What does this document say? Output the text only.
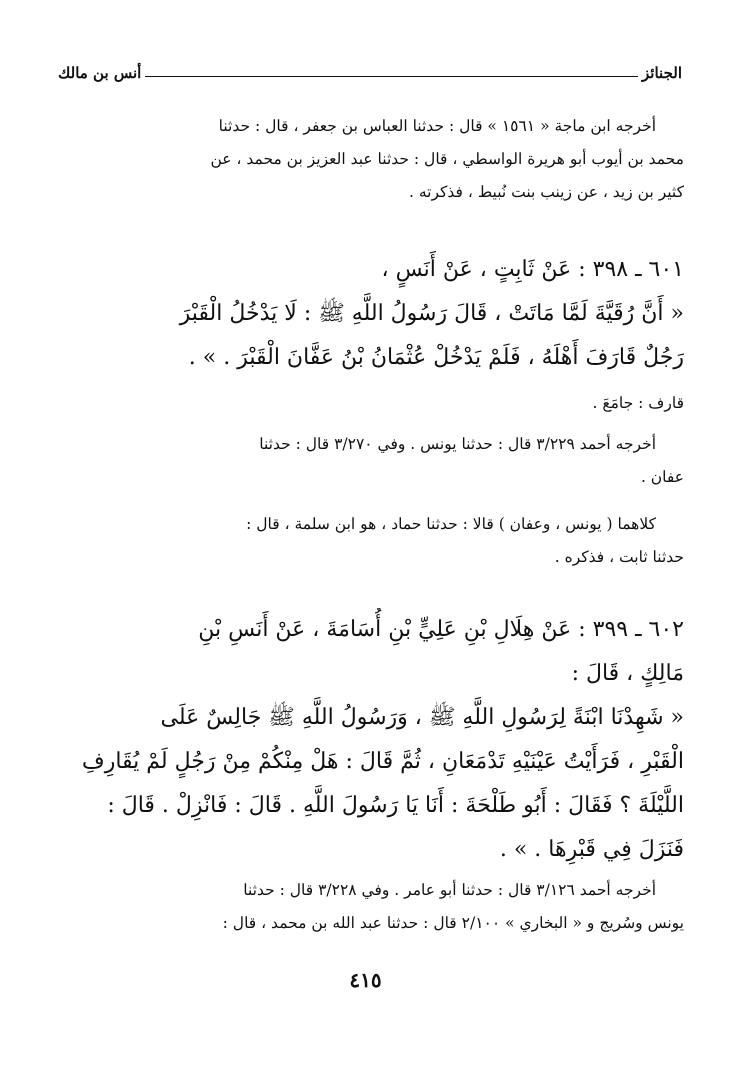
الجنائز
أنس بن مالك
أخرجه ابن ماجة « ١٥٦١ » قال : حدثنا العباس بن جعفر ، قال : حدثنا
محمد بن أيوب أبو هريرة الواسطي ، قال : حدثنا عبد العزيز بن محمد ، عن
كثير بن زيد ، عن زينب بنت نُبيط ، فذكرته .
٦٠١ ـ ٣٩٨ : عَنْ ثَابِتٍ ، عَنْ أَنَسٍ ،
« أَنَّ رُقَيَّةَ لَمَّا مَاتَتْ ، قَالَ رَسُولُ اللَّهِ ﷺ : لَا يَدْخُلُ الْقَبْرَ
رَجُلٌ قَارَفَ أَهْلَهُ ، فَلَمْ يَدْخُلْ عُثْمَانُ بْنُ عَفَّانَ الْقَبْرَ . » .
قارف : جامَعَ .
أخرجه أحمد ٣/٢٢٩ قال : حدثنا يونس . وفي ٣/٢٧٠ قال : حدثنا
عفان .
كلاهما ( يونس ، وعفان ) قالا : حدثنا حماد ، هو ابن سلمة ، قال :
حدثنا ثابت ، فذكره .
٦٠٢ ـ ٣٩٩ : عَنْ هِلَالِ بْنِ عَلِيٍّ بْنِ أُسَامَةَ ، عَنْ أَنَسِ بْنِ
مَالِكٍ ، قَالَ :
« شَهِدْنَا ابْنَةً لِرَسُولِ اللَّهِ ﷺ ، وَرَسُولُ اللَّهِ ﷺ جَالِسٌ عَلَى
الْقَبْرِ ، فَرَأَيْتُ عَيْنَيْهِ تَدْمَعَانِ ، ثُمَّ قَالَ : هَلْ مِنْكُمْ مِنْ رَجُلٍ لَمْ يُقَارِفِ
اللَّيْلَةَ ؟ فَقَالَ : أَبُو طَلْحَةَ : أَنَا يَا رَسُولَ اللَّهِ . قَالَ : فَانْزِلْ . قَالَ :
فَنَزَلَ فِي قَبْرِهَا . » .
أخرجه أحمد ٣/١٢٦ قال : حدثنا أبو عامر . وفي ٣/٢٢٨ قال : حدثنا
يونس وسُريج و « البخاري » ٢/١٠٠ قال : حدثنا عبد الله بن محمد ، قال :
٤١٥
